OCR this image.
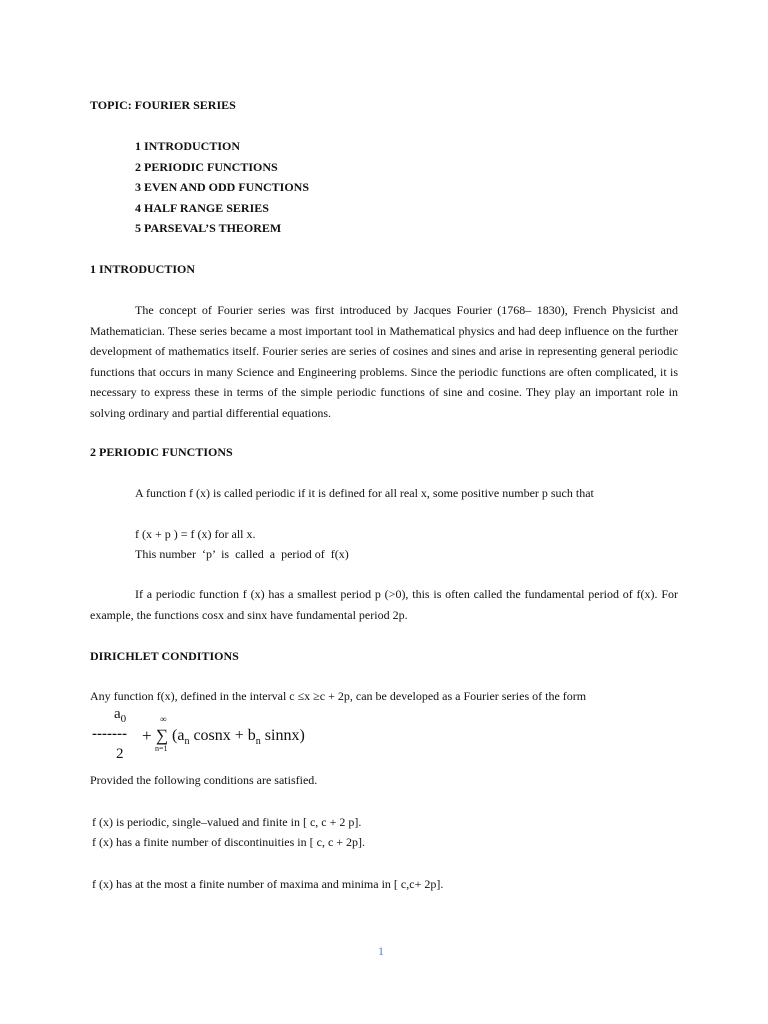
TOPIC: FOURIER SERIES
1 INTRODUCTION
2 PERIODIC FUNCTIONS
3 EVEN AND ODD FUNCTIONS
4 HALF RANGE SERIES
5 PARSEVAL’S THEOREM
1 INTRODUCTION
The concept of Fourier series was first introduced by Jacques Fourier (1768– 1830), French Physicist and Mathematician. These series became a most important tool in Mathematical physics and had deep influence on the further development of mathematics itself. Fourier series are series of cosines and sines and arise in representing general periodic functions that occurs in many Science and Engineering problems. Since the periodic functions are often complicated, it is necessary to express these in terms of the simple periodic functions of sine and cosine. They play an important role in solving ordinary and partial differential equations.
2 PERIODIC FUNCTIONS
A function f (x) is called periodic if it is defined for all real x, some positive number p such that
f (x + p ) = f (x) for all x.
This number  ‘p’  is  called  a  period of  f(x)
If a periodic function f (x) has a smallest period p (>0), this is often called the fundamental period of f(x). For example, the functions cosx and sinx have fundamental period 2p.
DIRICHLET CONDITIONS
Any function f(x), defined in the interval c ≤x ≥c + 2p, can be developed as a Fourier series of the form
$a_0$
-------
2
∞
+ ∑
n=1
($a_n$ cosnx + $b_n$ sinnx)
Provided the following conditions are satisfied.
f (x) is periodic, single–valued and finite in [ c, c + 2 p].
f (x) has a finite number of discontinuities in [ c, c + 2p].
f (x) has at the most a finite number of maxima and minima in [ c,c+ 2p].
1
